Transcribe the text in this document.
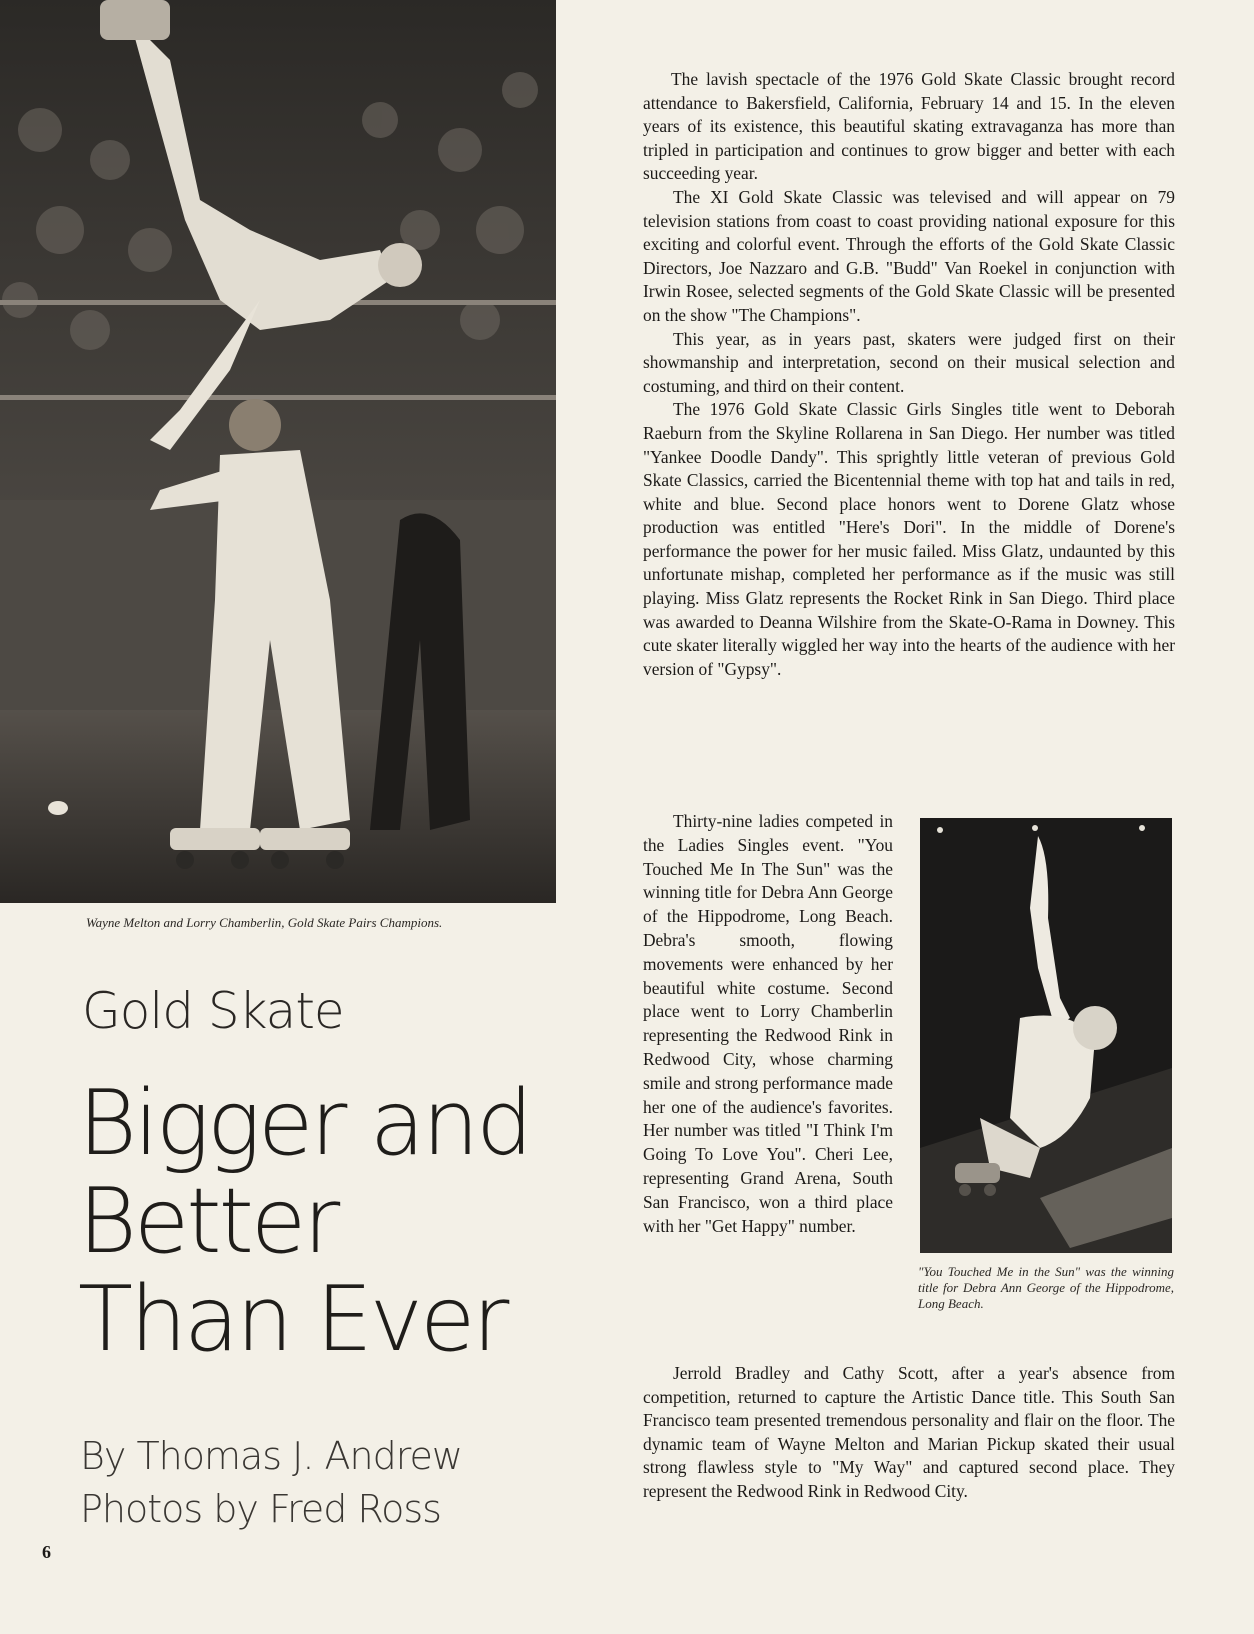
Wayne Melton and Lorry Chamberlin, Gold Skate Pairs Champions.
Gold Skate
Bigger and Better Than Ever
By Thomas J. Andrew
Photos by Fred Ross
6

The lavish spectacle of the 1976 Gold Skate Classic brought record attendance to Bakersfield, California, February 14 and 15. In the eleven years of its existence, this beautiful skating extravaganza has more than tripled in participation and continues to grow bigger and better with each succeeding year.

The XI Gold Skate Classic was televised and will appear on 79 television stations from coast to coast providing national exposure for this exciting and colorful event. Through the efforts of the Gold Skate Classic Directors, Joe Nazzaro and G.B. "Budd" Van Roekel in conjunction with Irwin Rosee, selected segments of the Gold Skate Classic will be presented on the show "The Champions".

This year, as in years past, skaters were judged first on their showmanship and interpretation, second on their musical selection and costuming, and third on their content.

The 1976 Gold Skate Classic Girls Singles title went to Deborah Raeburn from the Skyline Rollarena in San Diego. Her number was titled "Yankee Doodle Dandy". This sprightly little veteran of previous Gold Skate Classics, carried the Bicentennial theme with top hat and tails in red, white and blue. Second place honors went to Dorene Glatz whose production was entitled "Here's Dori". In the middle of Dorene's performance the power for her music failed. Miss Glatz, undaunted by this unfortunate mishap, completed her performance as if the music was still playing. Miss Glatz represents the Rocket Rink in San Diego. Third place was awarded to Deanna Wilshire from the Skate-O-Rama in Downey. This cute skater literally wiggled her way into the hearts of the audience with her version of "Gypsy".

Thirty-nine ladies competed in the Ladies Singles event. "You Touched Me In The Sun" was the winning title for Debra Ann George of the Hippodrome, Long Beach. Debra's smooth, flowing movements were enhanced by her beautiful white costume. Second place went to Lorry Chamberlin representing the Redwood Rink in Redwood City, whose charming smile and strong performance made her one of the audience's favorites. Her number was titled "I Think I'm Going To Love You". Cheri Lee, representing Grand Arena, South San Francisco, won a third place with her "Get Happy" number.

"You Touched Me in the Sun" was the winning title for Debra Ann George of the Hippodrome, Long Beach.

Jerrold Bradley and Cathy Scott, after a year's absence from competition, returned to capture the Artistic Dance title. This South San Francisco team presented tremendous personality and flair on the floor. The dynamic team of Wayne Melton and Marian Pickup skated their usual strong flawless style to "My Way" and captured second place. They represent the Redwood Rink in Redwood City.
